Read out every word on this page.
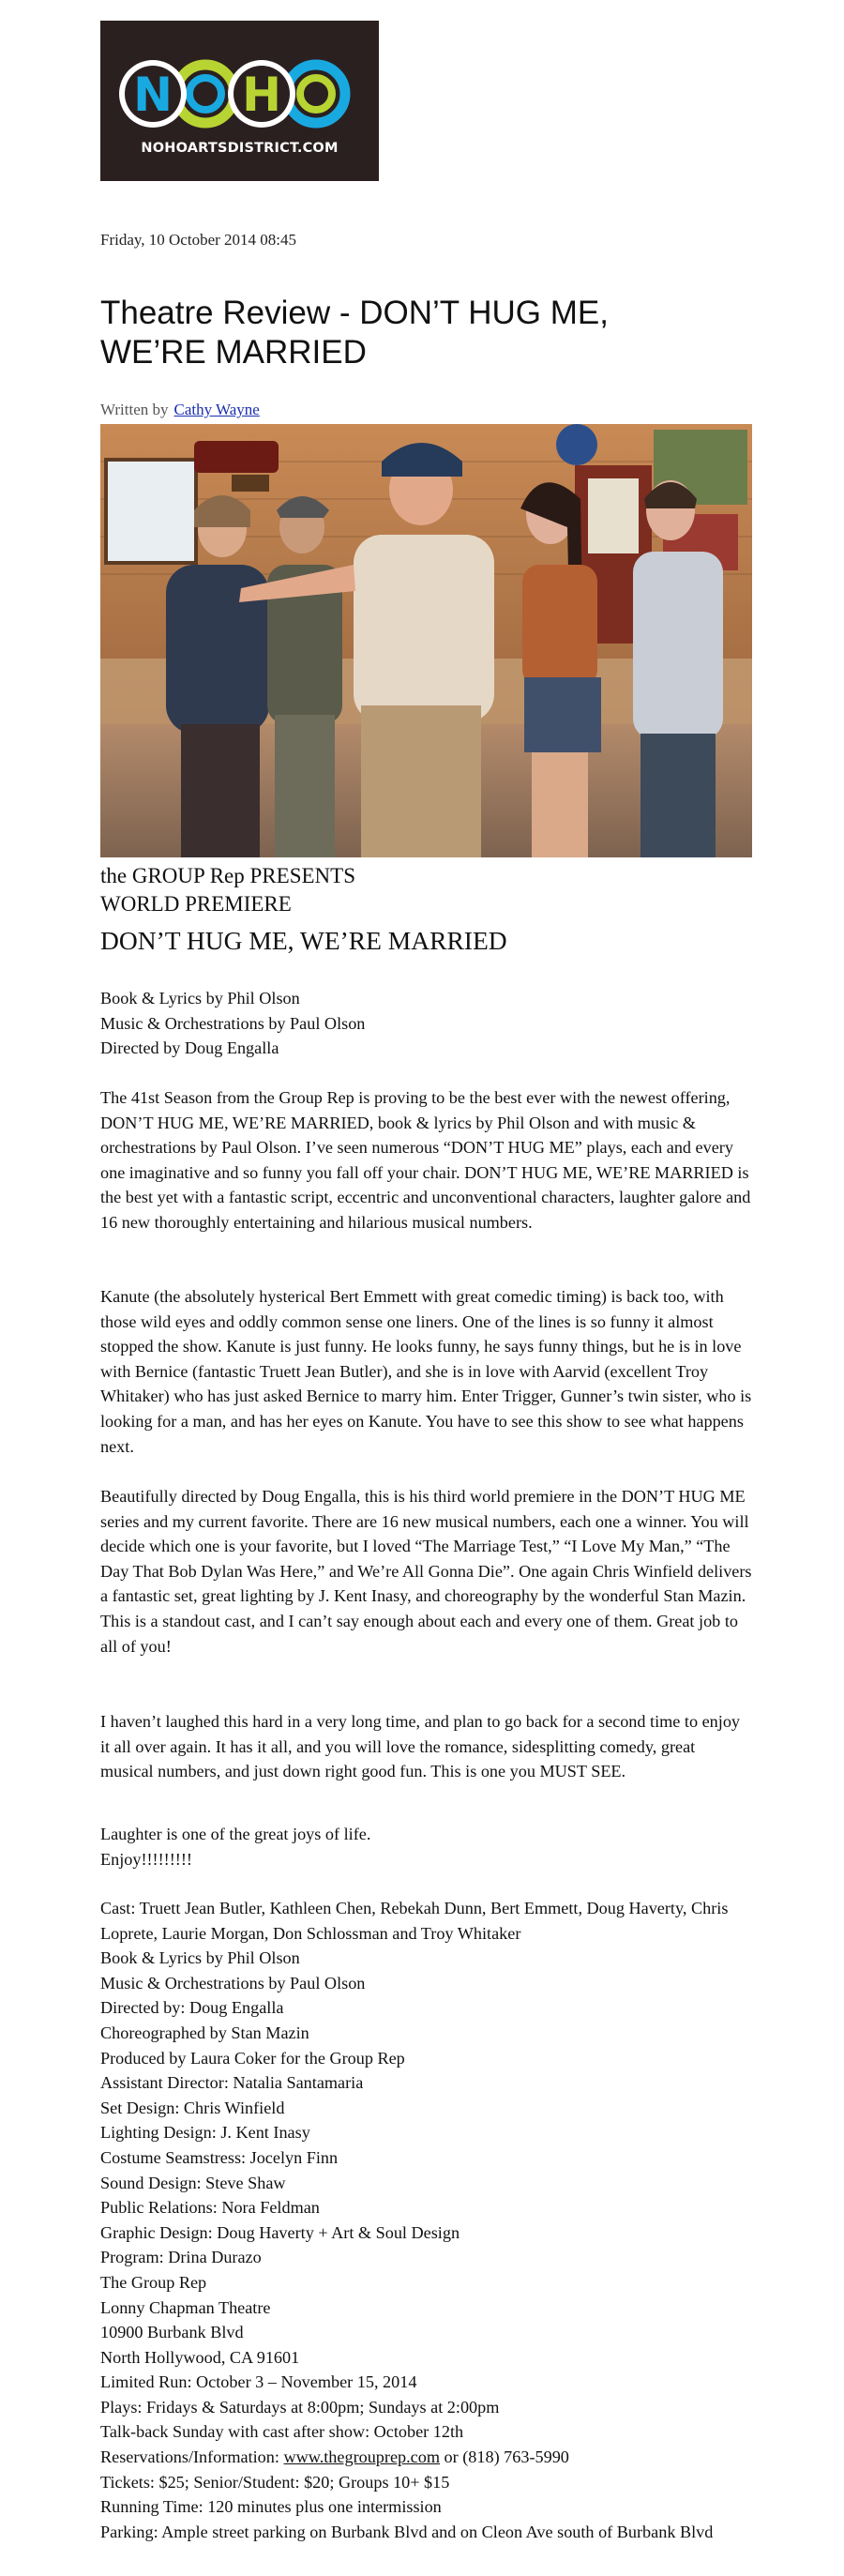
N H
NOHOARTSDISTRICT.COM
Friday, 10 October 2014 08:45
Theatre Review - DON’T HUG ME, WE’RE MARRIED
Written by Cathy Wayne
the GROUP Rep PRESENTS
WORLD PREMIERE
DON’T HUG ME, WE’RE MARRIED
Book & Lyrics by Phil Olson
Music & Orchestrations by Paul Olson
Directed by Doug Engalla

The 41st Season from the Group Rep is proving to be the best ever with the newest offering, DON’T HUG ME, WE’RE MARRIED, book & lyrics by Phil Olson and with music & orchestrations by Paul Olson. I’ve seen numerous “DON’T HUG ME” plays, each and every one imaginative and so funny you fall off your chair. DON’T HUG ME, WE’RE MARRIED is the best yet with a fantastic script, eccentric and unconventional characters, laughter galore and 16 new thoroughly entertaining and hilarious musical numbers.

Kanute (the absolutely hysterical Bert Emmett with great comedic timing) is back too, with those wild eyes and oddly common sense one liners. One of the lines is so funny it almost stopped the show. Kanute is just funny. He looks funny, he says funny things, but he is in love with Bernice (fantastic Truett Jean Butler), and she is in love with Aarvid (excellent Troy Whitaker) who has just asked Bernice to marry him. Enter Trigger, Gunner’s twin sister, who is looking for a man, and has her eyes on Kanute. You have to see this show to see what happens next.

Beautifully directed by Doug Engalla, this is his third world premiere in the DON’T HUG ME series and my current favorite. There are 16 new musical numbers, each one a winner. You will decide which one is your favorite, but I loved “The Marriage Test,” “I Love My Man,” “The Day That Bob Dylan Was Here,” and We’re All Gonna Die”. One again Chris Winfield delivers a fantastic set, great lighting by J. Kent Inasy, and choreography by the wonderful Stan Mazin. This is a standout cast, and I can’t say enough about each and every one of them. Great job to all of you!

I haven’t laughed this hard in a very long time, and plan to go back for a second time to enjoy it all over again. It has it all, and you will love the romance, sidesplitting comedy, great musical numbers, and just down right good fun. This is one you MUST SEE.

Laughter is one of the great joys of life.
Enjoy!!!!!!!!!
Cast: Truett Jean Butler, Kathleen Chen, Rebekah Dunn, Bert Emmett, Doug Haverty, Chris Loprete, Laurie Morgan, Don Schlossman and Troy Whitaker
Book & Lyrics by Phil Olson
Music & Orchestrations by Paul Olson
Directed by: Doug Engalla
Choreographed by Stan Mazin
Produced by Laura Coker for the Group Rep
Assistant Director: Natalia Santamaria
Set Design: Chris Winfield
Lighting Design: J. Kent Inasy
Costume Seamstress: Jocelyn Finn
Sound Design: Steve Shaw
Public Relations: Nora Feldman
Graphic Design: Doug Haverty + Art & Soul Design
Program: Drina Durazo
The Group Rep
Lonny Chapman Theatre
10900 Burbank Blvd
North Hollywood, CA 91601
Limited Run: October 3 – November 15, 2014
Plays: Fridays & Saturdays at 8:00pm; Sundays at 2:00pm
Talk-back Sunday with cast after show: October 12th
Reservations/Information: www.thegrouprep.com or (818) 763-5990
Tickets: $25; Senior/Student: $20; Groups 10+ $15
Running Time: 120 minutes plus one intermission
Parking: Ample street parking on Burbank Blvd and on Cleon Ave south of Burbank Blvd
